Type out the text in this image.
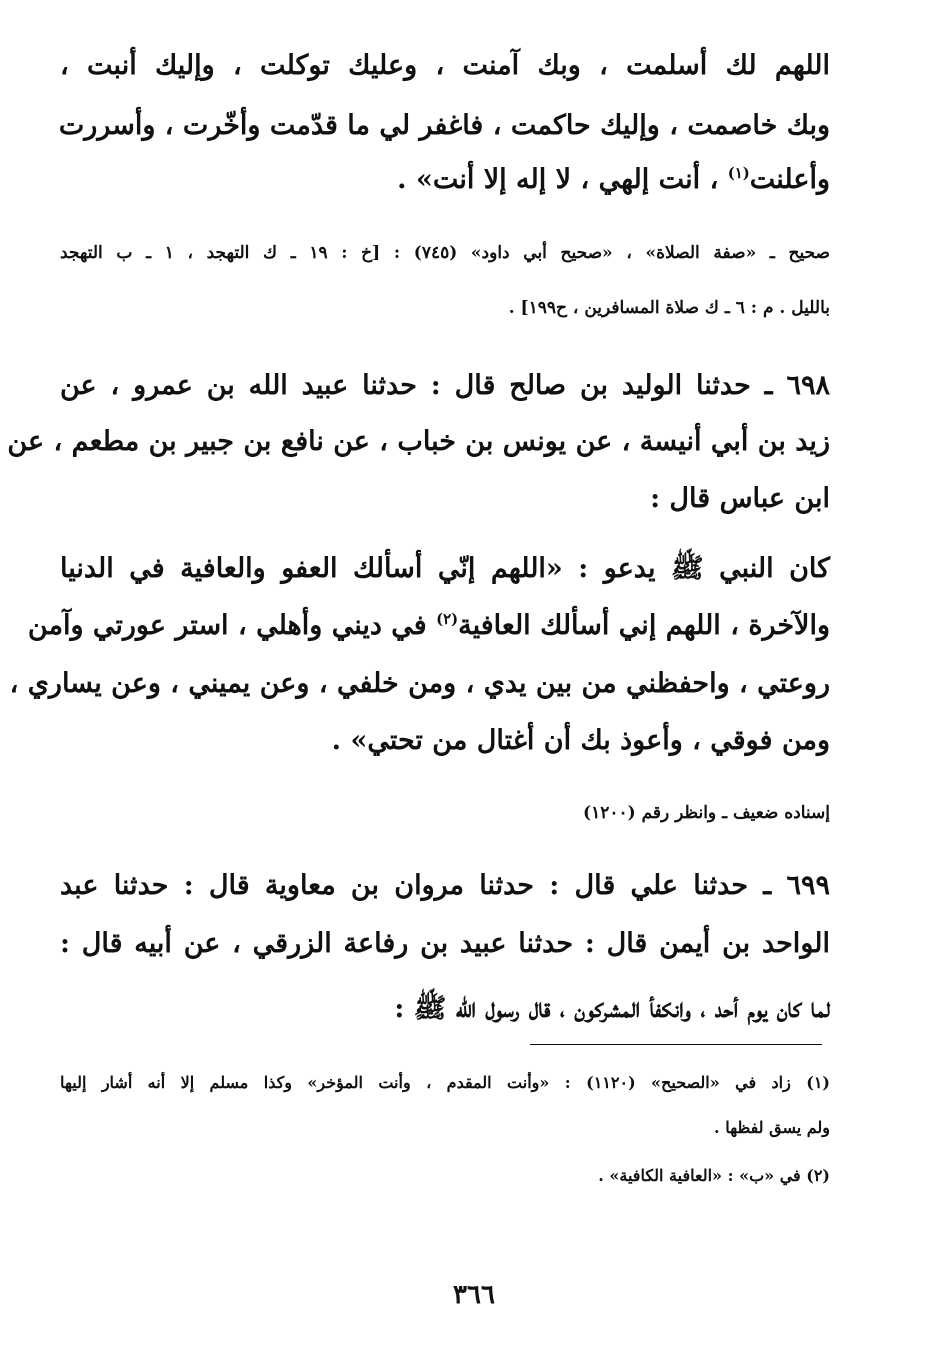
اللهم لك أسلمت ، وبك آمنت ، وعليك توكلت ، وإليك أنبت ،
وبك خاصمت ، وإليك حاكمت ، فاغفر لي ما قدّمت وأخّرت ، وأسررت
وأعلنت$^{(١)}$ ، أنت إلهي ، لا إله إلا أنت» .
صحيح ـ «صفة الصلاة» ، «صحيح أبي داود» (٧٤٥) : [خ : ١٩ ـ ك التهجد ، ١ ـ ب التهجد
بالليل . م : ٦ ـ ك صلاة المسافرين ، ح١٩٩] .
٦٩٨ ـ حدثنا الوليد بن صالح قال : حدثنا عبيد الله بن عمرو ، عن
زيد بن أبي أنيسة ، عن يونس بن خباب ، عن نافع بن جبير بن مطعم ، عن
ابن عباس قال :
كان النبي ﷺ يدعو : «اللهم إنّي أسألك العفو والعافية في الدنيا
والآخرة ، اللهم إني أسألك العافية$^{(٢)}$ في ديني وأهلي ، استر عورتي وآمن
روعتي ، واحفظني من بين يدي ، ومن خلفي ، وعن يميني ، وعن يساري ،
ومن فوقي ، وأعوذ بك أن أغتال من تحتي» .
إسناده ضعيف ـ وانظر رقم (١٢٠٠)
٦٩٩ ـ حدثنا علي قال : حدثنا مروان بن معاوية قال : حدثنا عبد
الواحد بن أيمن قال : حدثنا عبيد بن رفاعة الزرقي ، عن أبيه قال :
لما كان يوم أحد ، وانكفأ المشركون ، قال رسول الله ﷺ :
(١) زاد في «الصحيح» (١١٢٠) : «وأنت المقدم ، وأنت المؤخر» وكذا مسلم إلا أنه أشار إليها
ولم يسق لفظها .
(٢) في «ب» : «العافية الكافية» .
٣٦٦
